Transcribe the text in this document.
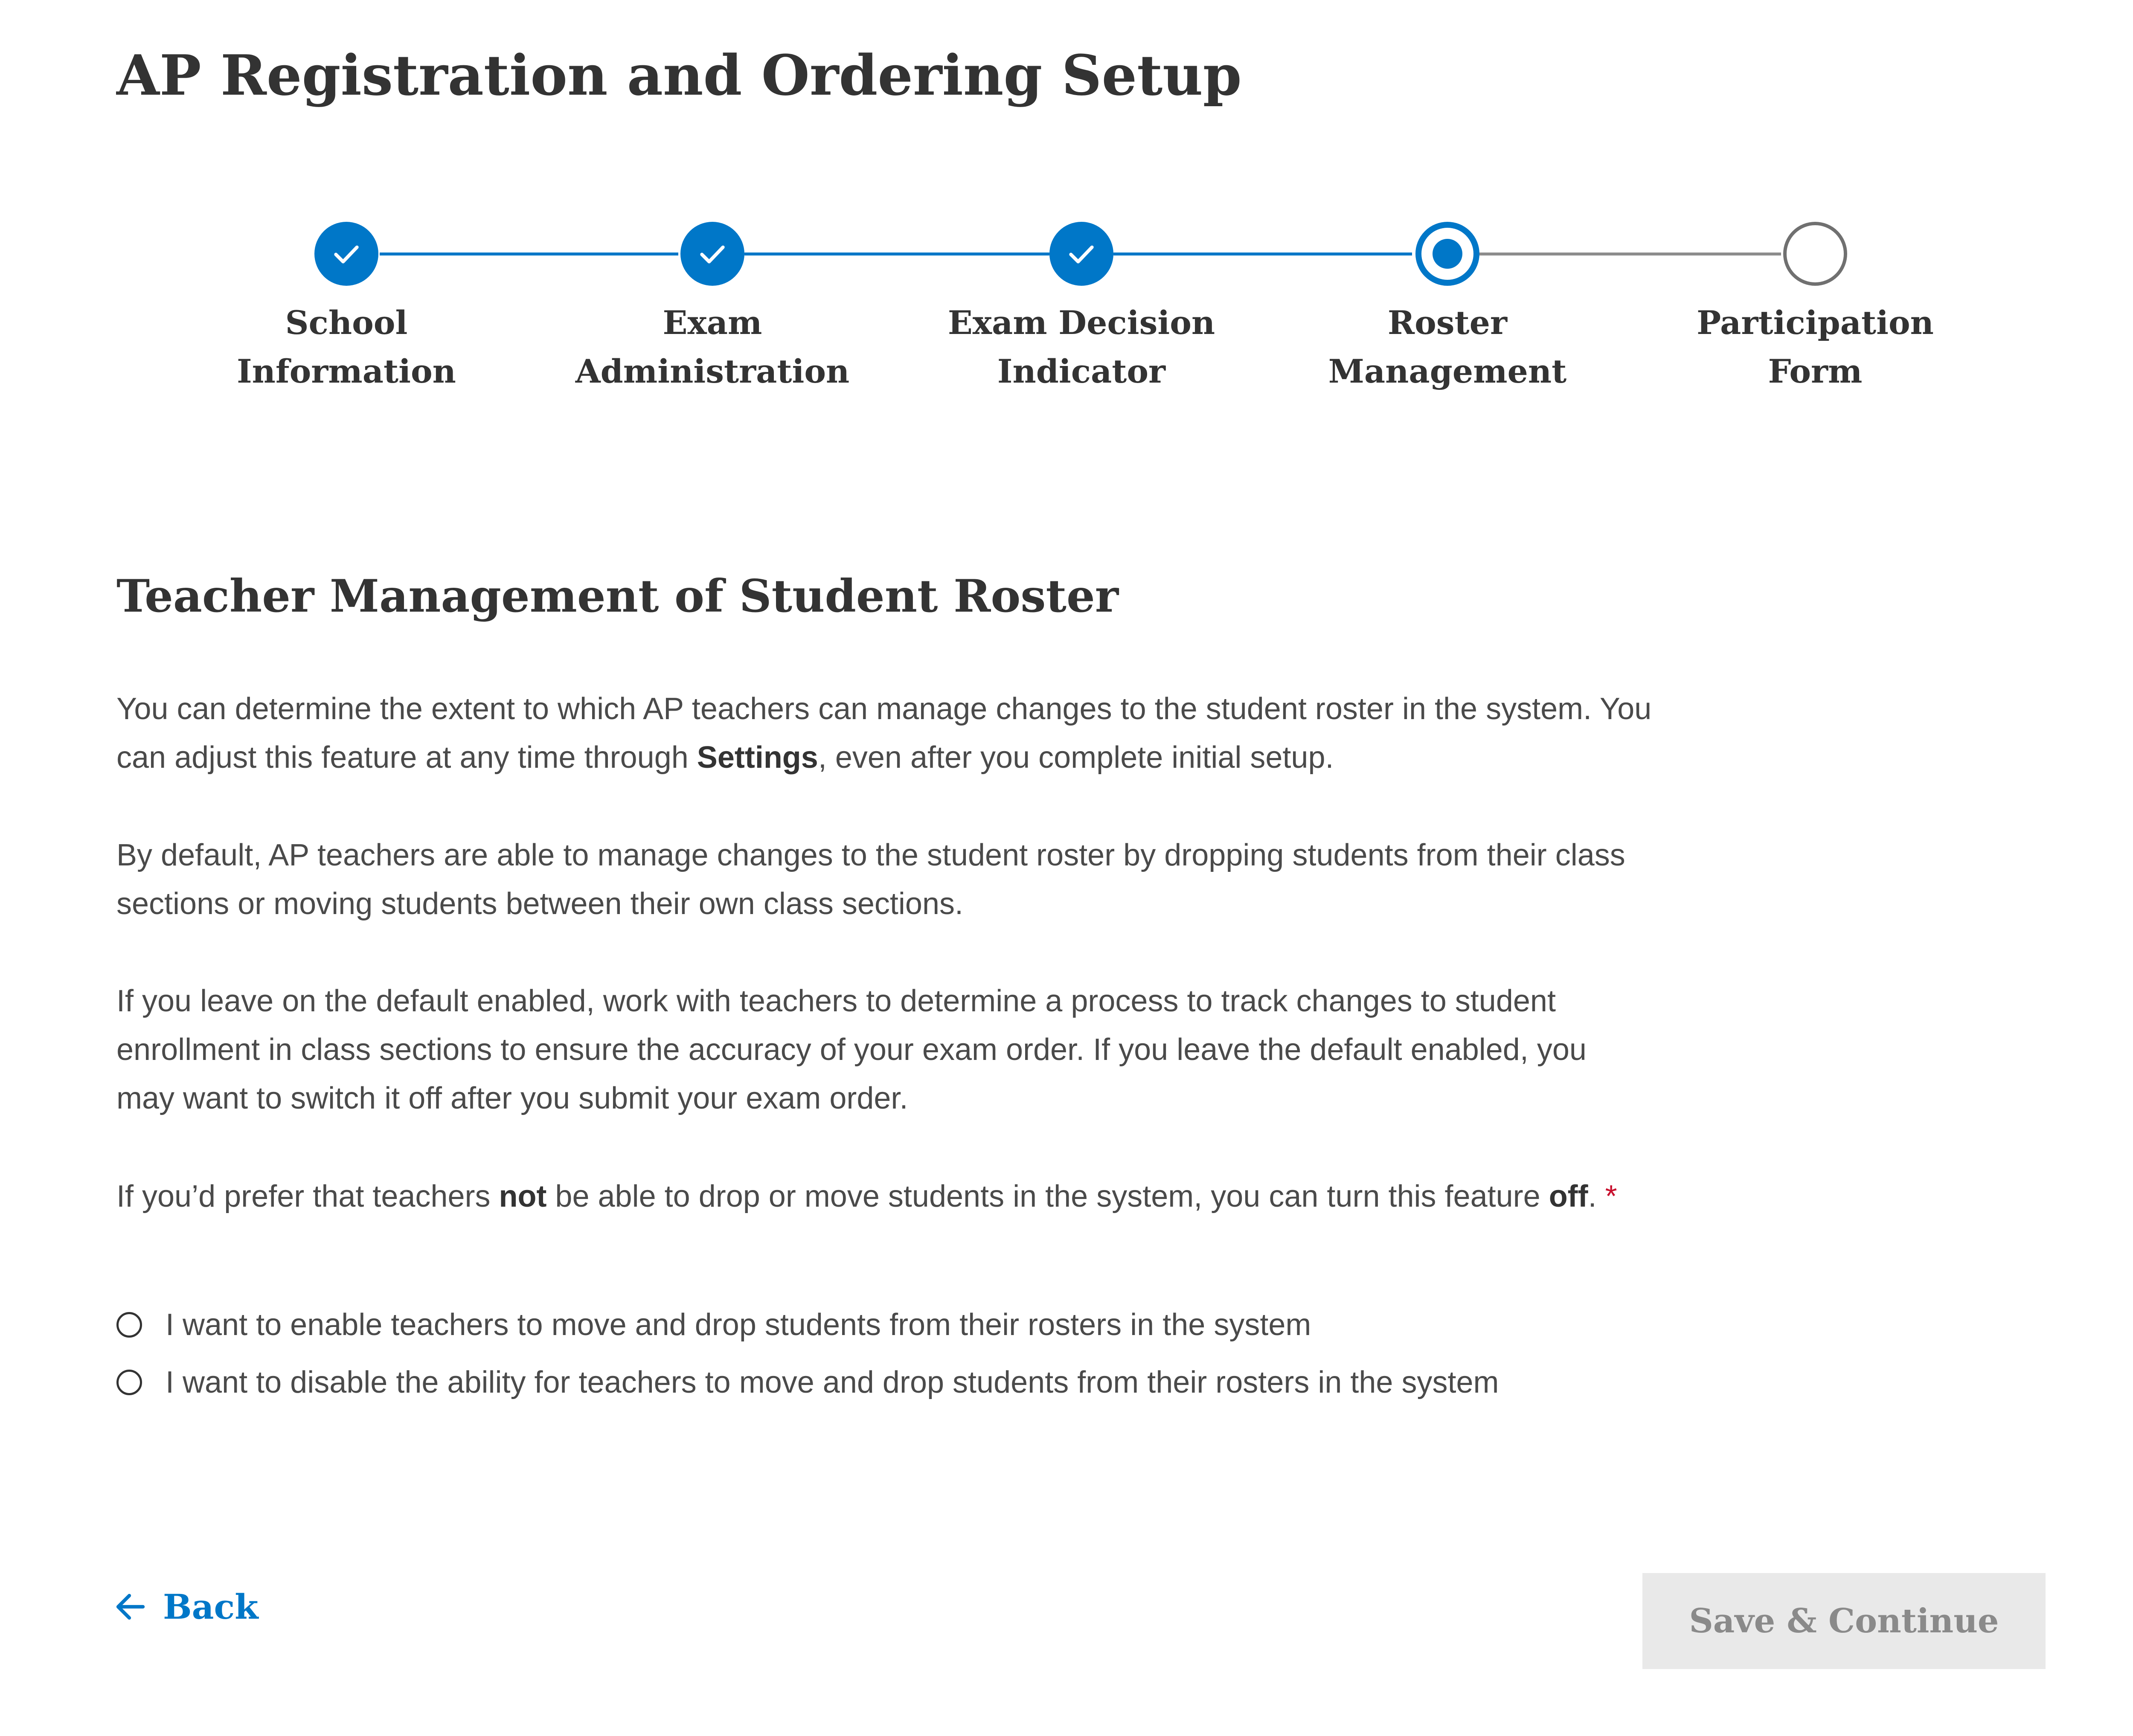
AP Registration and Ordering Setup
School Information
Exam
Administration
Exam Decision
Indicator
Roster
Management
Participation Form
Teacher Management of Student Roster

You can determine the extent to which AP teachers can manage changes to the student roster in the system. You can adjust this feature at any time through Settings, even after you complete initial setup.

By default, AP teachers are able to manage changes to the student roster by dropping students from their class sections or moving students between their own class sections.

If you leave on the default enabled, work with teachers to determine a process to track changes to student enrollment in class sections to ensure the accuracy of your exam order. If you leave the default enabled, you may want to switch it off after you submit your exam order.

If you’d prefer that teachers not be able to drop or move students in the system, you can turn this feature off. *

I want to enable teachers to move and drop students from their rosters in the system
I want to disable the ability for teachers to move and drop students from their rosters in the system
Back	Save & Continue
